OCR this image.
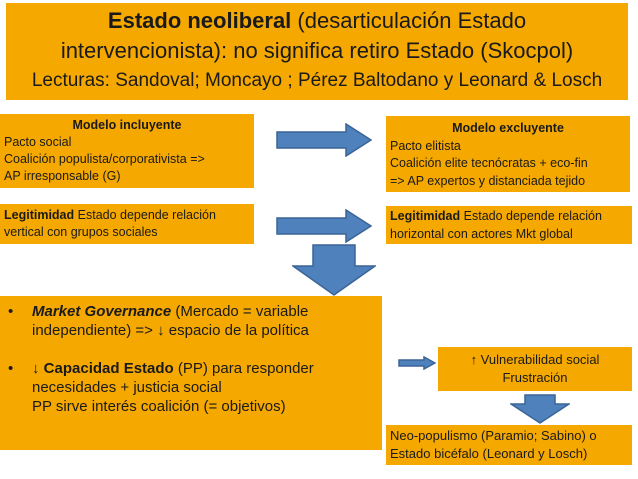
Estado neoliberal (desarticulación Estado
intervencionista): no significa retiro Estado (Skocpol)
Lecturas: Sandoval; Moncayo ; Pérez Baltodano y Leonard & Losch
Modelo incluyente
Pacto social
Coalición populista/corporativista =>
AP irresponsable (G)
Modelo excluyente
Pacto elitista
Coalición elite tecnócratas + eco-fin
=> AP expertos y distanciada tejido
Legitimidad Estado depende relación
vertical con grupos sociales
Legitimidad Estado depende relación
horizontal con actores Mkt global
• Market Governance (Mercado = variable
independiente) => ↓ espacio de la política
• ↓ Capacidad Estado (PP) para responder
necesidades + justicia social
PP sirve interés coalición (= objetivos)
↑ Vulnerabilidad social
Frustración
Neo-populismo (Paramio; Sabino) o
Estado bicéfalo (Leonard y Losch)
